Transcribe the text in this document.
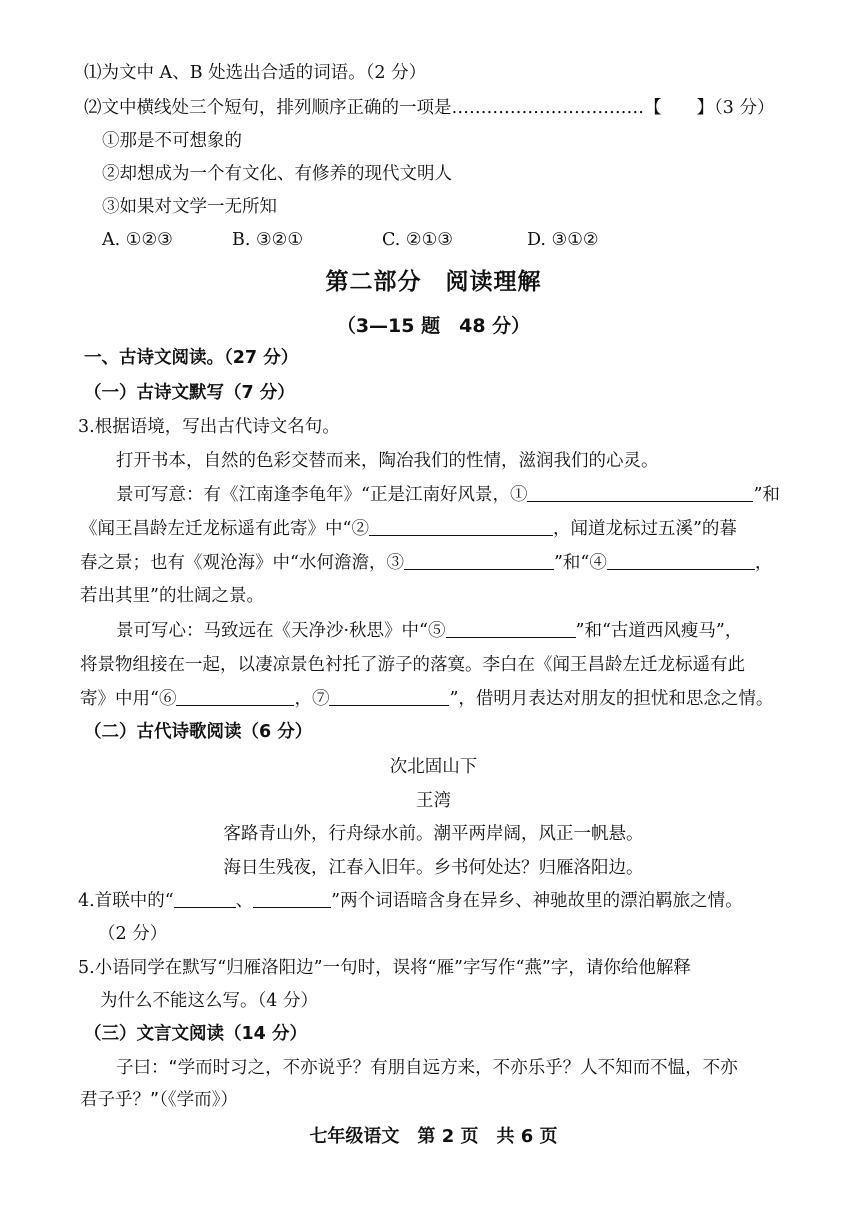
⑴为文中 A、B 处选出合适的词语。（2 分）
⑵文中横线处三个短句，排列顺序正确的一项是……………………………【　　】（3 分）
①那是不可想象的
②却想成为一个有文化、有修养的现代文明人
③如果对文学一无所知
A. ①②③	B. ③②①	C. ②①③	D. ③①②
第二部分　阅读理解
（3—15 题　48 分）
一、古诗文阅读。（27 分）
（一）古诗文默写（7 分）
3.根据语境，写出古代诗文名句。
打开书本，自然的色彩交替而来，陶冶我们的性情，滋润我们的心灵。
景可写意：有《江南逢李龟年》“正是江南好风景，①	”和
《闻王昌龄左迁龙标遥有此寄》中“②	，闻道龙标过五溪”的暮
春之景；也有《观沧海》中“水何澹澹，③	”和“④	，
若出其里”的壮阔之景。
景可写心：马致远在《天净沙·秋思》中“⑤	”和“古道西风瘦马”，
将景物组接在一起，以凄凉景色衬托了游子的落寞。李白在《闻王昌龄左迁龙标遥有此
寄》中用“⑥	，⑦	”，借明月表达对朋友的担忧和思念之情。
（二）古代诗歌阅读（6 分）
次北固山下
王湾
客路青山外，行舟绿水前。潮平两岸阔，风正一帆悬。
海日生残夜，江春入旧年。乡书何处达？归雁洛阳边。
4.首联中的“	、	”两个词语暗含身在异乡、神驰故里的漂泊羁旅之情。
（2 分）
5.小语同学在默写“归雁洛阳边”一句时，误将“雁”字写作“燕”字，请你给他解释
为什么不能这么写。（4 分）
（三）文言文阅读（14 分）
子曰：“学而时习之，不亦说乎？有朋自远方来，不亦乐乎？人不知而不愠，不亦
君子乎？”（《学而》）
七年级语文　第 2 页　共 6 页
